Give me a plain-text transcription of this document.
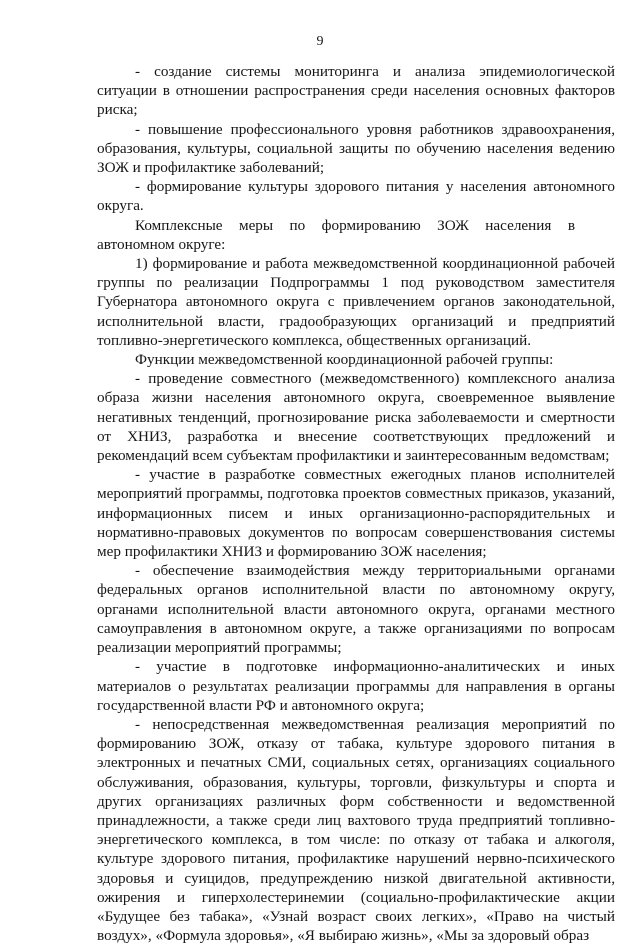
9

- создание системы мониторинга и анализа эпидемиологической ситуации в отношении распространения среди населения основных факторов риска;

- повышение профессионального уровня работников здравоохранения, образования, культуры, социальной защиты по обучению населения ведению ЗОЖ и профилактике заболеваний;

- формирование культуры здорового питания у населения автономного округа.

Комплексные меры по формированию ЗОЖ населения в автономном округе:

1) формирование и работа межведомственной координационной рабочей группы по реализации Подпрограммы 1 под руководством заместителя Губернатора автономного округа с привлечением органов законодательной, исполнительной власти, градообразующих организаций и предприятий топливно-энергетического комплекса, общественных организаций.

Функции межведомственной координационной рабочей группы:

- проведение совместного (межведомственного) комплексного анализа образа жизни населения автономного округа, своевременное выявление негативных тенденций, прогнозирование риска заболеваемости и смертности от ХНИЗ, разработка и внесение соответствующих предложений и рекомендаций всем субъектам профилактики и заинтересованным ведомствам;

- участие в разработке совместных ежегодных планов исполнителей мероприятий программы, подготовка проектов совместных приказов, указаний, информационных писем и иных организационно-распорядительных и нормативно-правовых документов по вопросам совершенствования системы мер профилактики ХНИЗ и формированию ЗОЖ населения;

- обеспечение взаимодействия между территориальными органами федеральных органов исполнительной власти по автономному округу, органами исполнительной власти автономного округа, органами местного самоуправления в автономном округе, а также организациями по вопросам реализации мероприятий программы;

- участие в подготовке информационно-аналитических и иных материалов о результатах реализации программы для направления в органы государственной власти РФ и автономного округа;

- непосредственная межведомственная реализация мероприятий по формированию ЗОЖ, отказу от табака, культуре здорового питания в электронных и печатных СМИ, социальных сетях, организациях социального обслуживания, образования, культуры, торговли, физкультуры и спорта и других организациях различных форм собственности и ведомственной принадлежности, а также среди лиц вахтового труда предприятий топливно-энергетического комплекса, в том числе: по отказу от табака и алкоголя, культуре здорового питания, профилактике нарушений нервно-психического здоровья и суицидов, предупреждению низкой двигательной активности, ожирения и гиперхолестеринемии (социально-профилактические акции «Будущее без табака», «Узнай возраст своих легких», «Право на чистый воздух», «Формула здоровья», «Я выбираю жизнь», «Мы за здоровый образ
